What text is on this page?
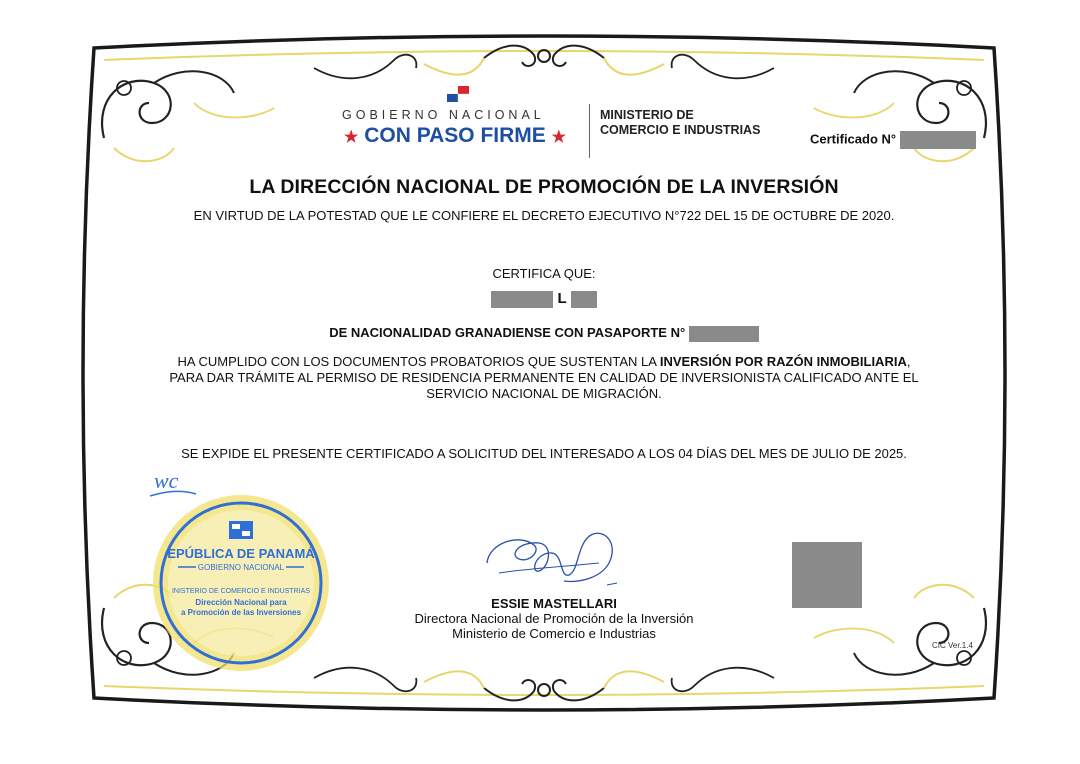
GOBIERNO NACIONAL
★ CON PASO FIRME ★
MINISTERIO DE
COMERCIO E INDUSTRIAS
Certificado N°
LA DIRECCIÓN NACIONAL DE PROMOCIÓN DE LA INVERSIÓN
EN VIRTUD DE LA POTESTAD QUE LE CONFIERE EL DECRETO EJECUTIVO N°722 DEL 15 DE OCTUBRE DE 2020.
CERTIFICA QUE:
L
DE NACIONALIDAD GRANADIENSE CON PASAPORTE N°
HA CUMPLIDO CON LOS DOCUMENTOS PROBATORIOS QUE SUSTENTAN LA INVERSIÓN POR RAZÓN INMOBILIARIA,
PARA DAR TRÁMITE AL PERMISO DE RESIDENCIA PERMANENTE EN CALIDAD DE INVERSIONISTA CALIFICADO ANTE EL
SERVICIO NACIONAL DE MIGRACIÓN.
SE EXPIDE EL PRESENTE CERTIFICADO A SOLICITUD DEL INTERESADO A LOS 04 DÍAS DEL MES DE JULIO DE 2025.
wc
EPÚBLICA DE PANAMÁ
GOBIERNO NACIONAL
INISTERIO DE COMERCIO E INDUSTRIAS
Dirección Nacional para
a Promoción de las Inversiones
ESSIE MASTELLARI
Directora Nacional de Promoción de la Inversión
Ministerio de Comercio e Industrias
CIC Ver.1.4
